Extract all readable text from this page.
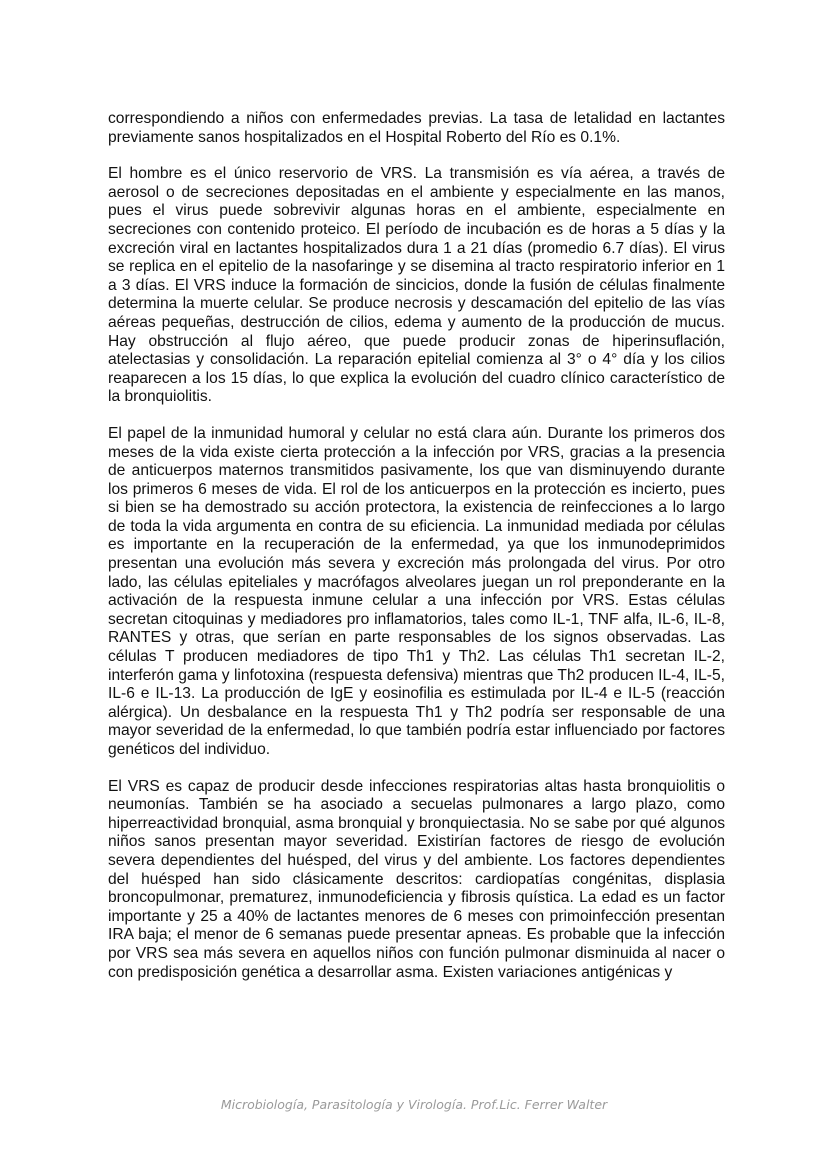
correspondiendo a niños con enfermedades previas. La tasa de letalidad en lactantes previamente sanos hospitalizados en el Hospital Roberto del Río es 0.1%.

El hombre es el único reservorio de VRS. La transmisión es vía aérea, a través de aerosol o de secreciones depositadas en el ambiente y especialmente en las manos, pues el virus puede sobrevivir algunas horas en el ambiente, especialmente en secreciones con contenido proteico. El período de incubación es de horas a 5 días y la excreción viral en lactantes hospitalizados dura 1 a 21 días (promedio 6.7 días). El virus se replica en el epitelio de la nasofaringe y se disemina al tracto respiratorio inferior en 1 a 3 días. El VRS induce la formación de sincicios, donde la fusión de células finalmente determina la muerte celular. Se produce necrosis y descamación del epitelio de las vías aéreas pequeñas, destrucción de cilios, edema y aumento de la producción de mucus. Hay obstrucción al flujo aéreo, que puede producir zonas de hiperinsuflación, atelectasias y consolidación. La reparación epitelial comienza al 3° o 4° día y los cilios reaparecen a los 15 días, lo que explica la evolución del cuadro clínico característico de la bronquiolitis.

El papel de la inmunidad humoral y celular no está clara aún. Durante los primeros dos meses de la vida existe cierta protección a la infección por VRS, gracias a la presencia de anticuerpos maternos transmitidos pasivamente, los que van disminuyendo durante los primeros 6 meses de vida. El rol de los anticuerpos en la protección es incierto, pues si bien se ha demostrado su acción protectora, la existencia de reinfecciones a lo largo de toda la vida argumenta en contra de su eficiencia. La inmunidad mediada por células es importante en la recuperación de la enfermedad, ya que los inmunodeprimidos presentan una evolución más severa y excreción más prolongada del virus. Por otro lado, las células epiteliales y macrófagos alveolares juegan un rol preponderante en la activación de la respuesta inmune celular a una infección por VRS. Estas células secretan citoquinas y mediadores pro inflamatorios, tales como IL-1, TNF alfa, IL-6, IL-8, RANTES y otras, que serían en parte responsables de los signos observadas. Las células T producen mediadores de tipo Th1 y Th2. Las células Th1 secretan IL-2, interferón gama y linfotoxina (respuesta defensiva) mientras que Th2 producen IL-4, IL-5, IL-6 e IL-13. La producción de IgE y eosinofilia es estimulada por IL-4 e IL-5 (reacción alérgica). Un desbalance en la respuesta Th1 y Th2 podría ser responsable de una mayor severidad de la enfermedad, lo que también podría estar influenciado por factores genéticos del individuo.

El VRS es capaz de producir desde infecciones respiratorias altas hasta bronquiolitis o neumonías. También se ha asociado a secuelas pulmonares a largo plazo, como hiperreactividad bronquial, asma bronquial y bronquiectasia. No se sabe por qué algunos niños sanos presentan mayor severidad. Existirían factores de riesgo de evolución severa dependientes del huésped, del virus y del ambiente. Los factores dependientes del huésped han sido clásicamente descritos: cardiopatías congénitas, displasia broncopulmonar, prematurez, inmunodeficiencia y fibrosis quística. La edad es un factor importante y 25 a 40% de lactantes menores de 6 meses con primoinfección presentan IRA baja; el menor de 6 semanas puede presentar apneas. Es probable que la infección por VRS sea más severa en aquellos niños con función pulmonar disminuida al nacer o con predisposición genética a desarrollar asma. Existen variaciones antigénicas y

Microbiología, Parasitología y Virología. Prof.Lic. Ferrer Walter
